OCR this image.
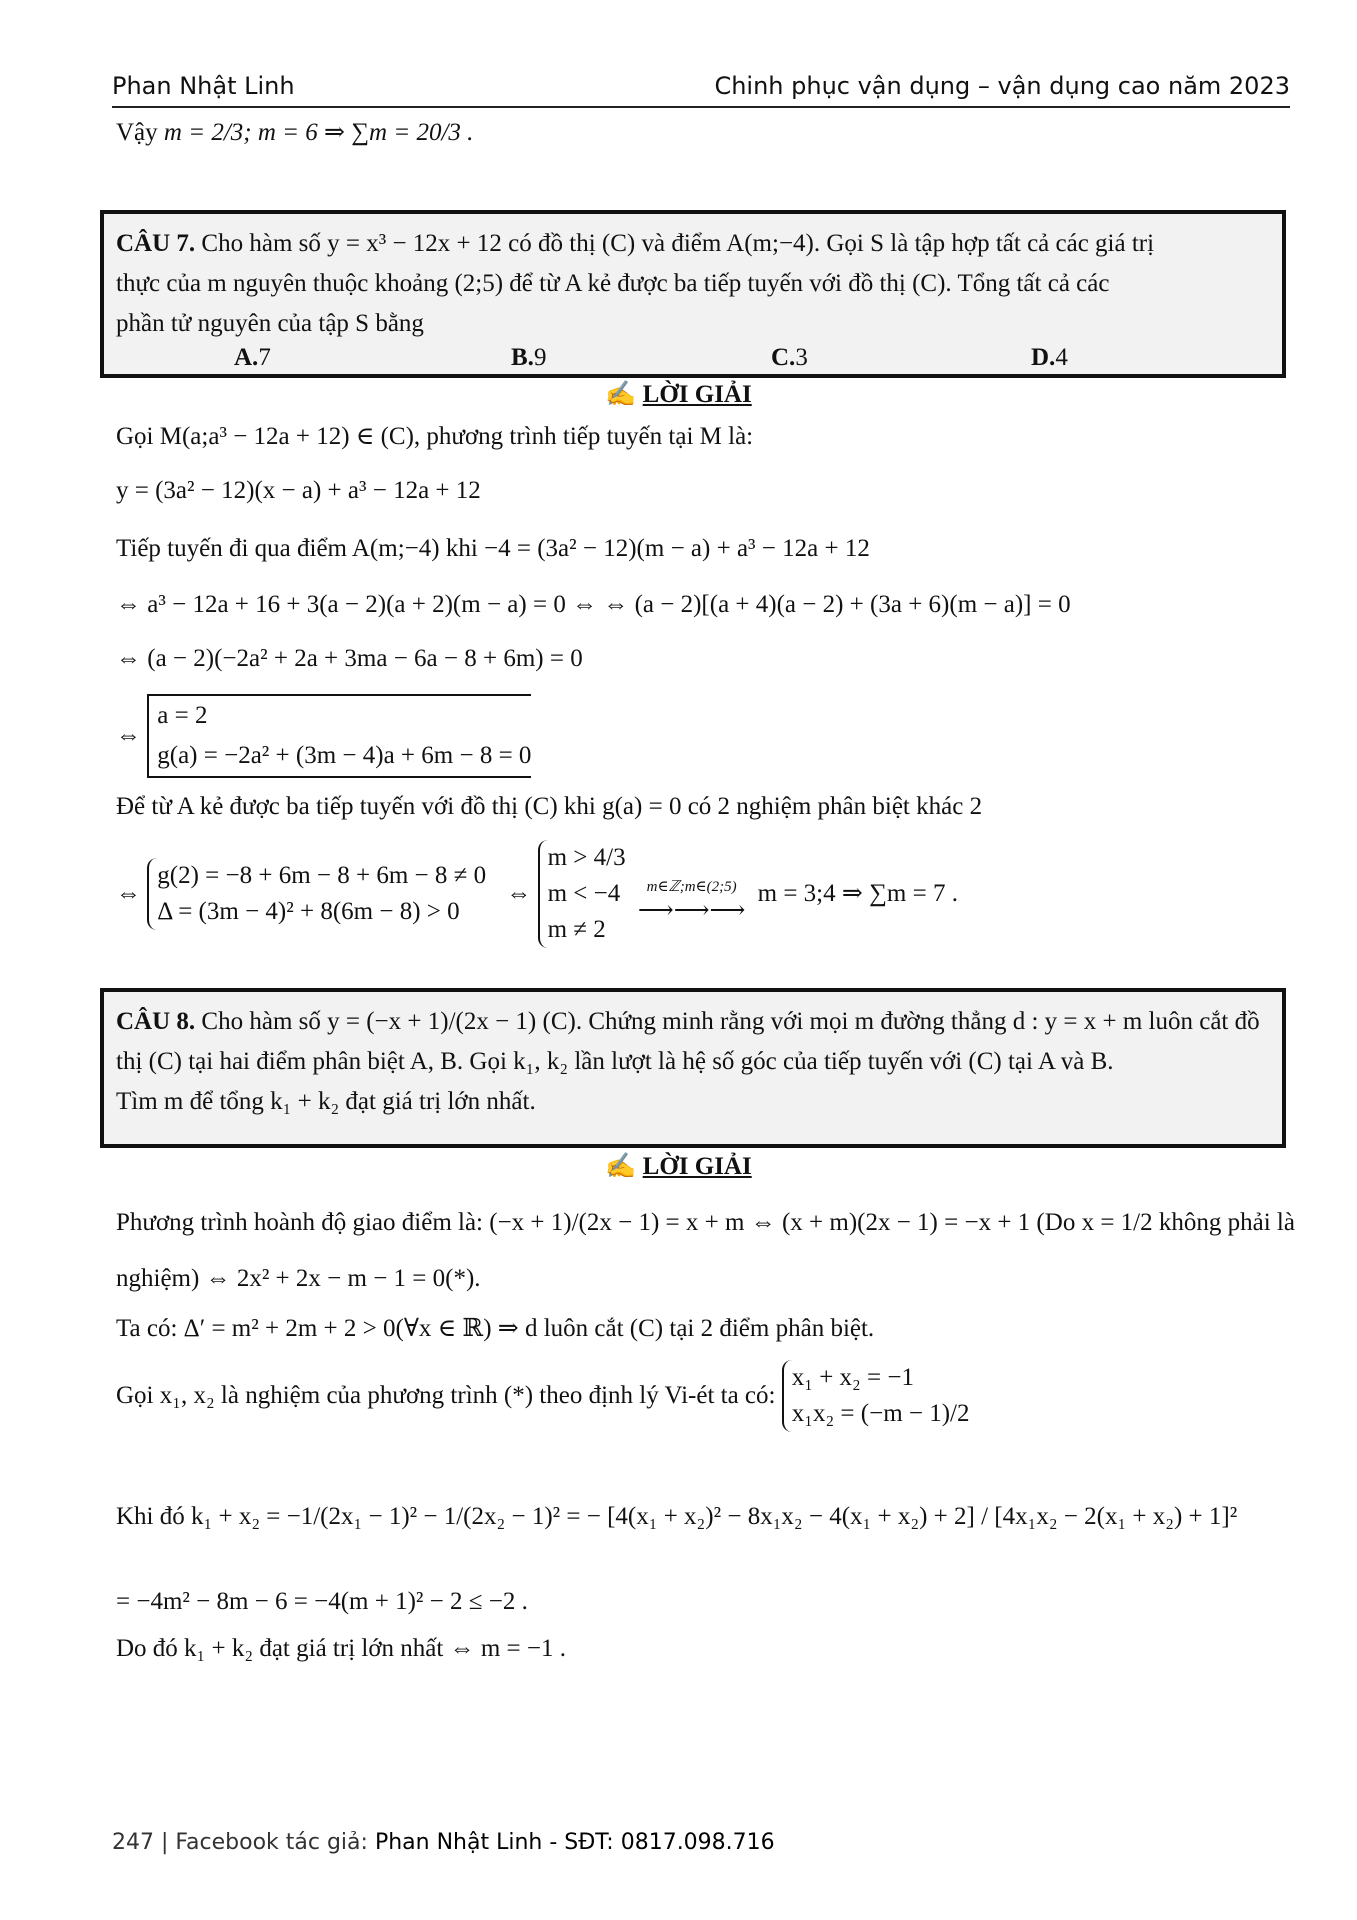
Phan Nhật Linh	Chinh phục vận dụng – vận dụng cao năm 2023
Vậy m = 2/3; m = 6 ⇒ ∑m = 20/3 .
CÂU 7. Cho hàm số y = x³ − 12x + 12 có đồ thị (C) và điểm A(m;−4). Gọi S là tập hợp tất cả các giá trị
thực của m nguyên thuộc khoảng (2;5) để từ A kẻ được ba tiếp tuyến với đồ thị (C). Tổng tất cả các
phần tử nguyên của tập S bằng
A. 7	B. 9	C. 3	D. 4
✍ LỜI GIẢI
Gọi M(a;a³ − 12a + 12) ∈ (C), phương trình tiếp tuyến tại M là:
y = (3a² − 12)(x − a) + a³ − 12a + 12
Tiếp tuyến đi qua điểm A(m;−4) khi −4 = (3a² − 12)(m − a) + a³ − 12a + 12
⇔ a³ − 12a + 16 + 3(a − 2)(a + 2)(m − a) = 0 ⇔ ⇔ (a − 2)[(a + 4)(a − 2) + (3a + 6)(m − a)] = 0
⇔ (a − 2)(−2a² + 2a + 3ma − 6a − 8 + 6m) = 0
⇔
a = 2
g(a) = −2a² + (3m − 4)a + 6m − 8 = 0
Để từ A kẻ được ba tiếp tuyến với đồ thị (C) khi g(a) = 0 có 2 nghiệm phân biệt khác 2
⇔
g(2) = −8 + 6m − 8 + 6m − 8 ≠ 0
Δ = (3m − 4)² + 8(6m − 8) > 0
⇔
m > 4/3
m < −4
m ≠ 2

m∈ℤ;m∈(2;5)
⟶⟶⟶
m = 3;4 ⇒ ∑m = 7 .
CÂU 8. Cho hàm số y = (−x + 1)/(2x − 1) (C). Chứng minh rằng với mọi m đường thẳng d : y = x + m luôn cắt đồ
thị (C) tại hai điểm phân biệt A, B. Gọi k₁, k₂ lần lượt là hệ số góc của tiếp tuyến với (C) tại A và B.
Tìm m để tổng k₁ + k₂ đạt giá trị lớn nhất.
✍ LỜI GIẢI
Phương trình hoành độ giao điểm là: (−x + 1)/(2x − 1) = x + m ⇔ (x + m)(2x − 1) = −x + 1 (Do x = 1/2 không phải là
nghiệm) ⇔ 2x² + 2x − m − 1 = 0(*).
Ta có: Δ′ = m² + 2m + 2 > 0(∀x ∈ ℝ) ⇒ d luôn cắt (C) tại 2 điểm phân biệt.
Gọi x₁, x₂ là nghiệm của phương trình (*) theo định lý Vi-ét ta có:
x₁ + x₂ = −1
x₁x₂ = (−m − 1)/2
Khi đó k₁ + x₂ = −1/(2x₁ − 1)² − 1/(2x₂ − 1)² = − [4(x₁ + x₂)² − 8x₁x₂ − 4(x₁ + x₂) + 2] / [4x₁x₂ − 2(x₁ + x₂) + 1]²
= −4m² − 8m − 6 = −4(m + 1)² − 2 ≤ −2 .
Do đó k₁ + k₂ đạt giá trị lớn nhất ⇔ m = −1 .
247 | Facebook tác giả: Phan Nhật Linh - SĐT: 0817.098.716
